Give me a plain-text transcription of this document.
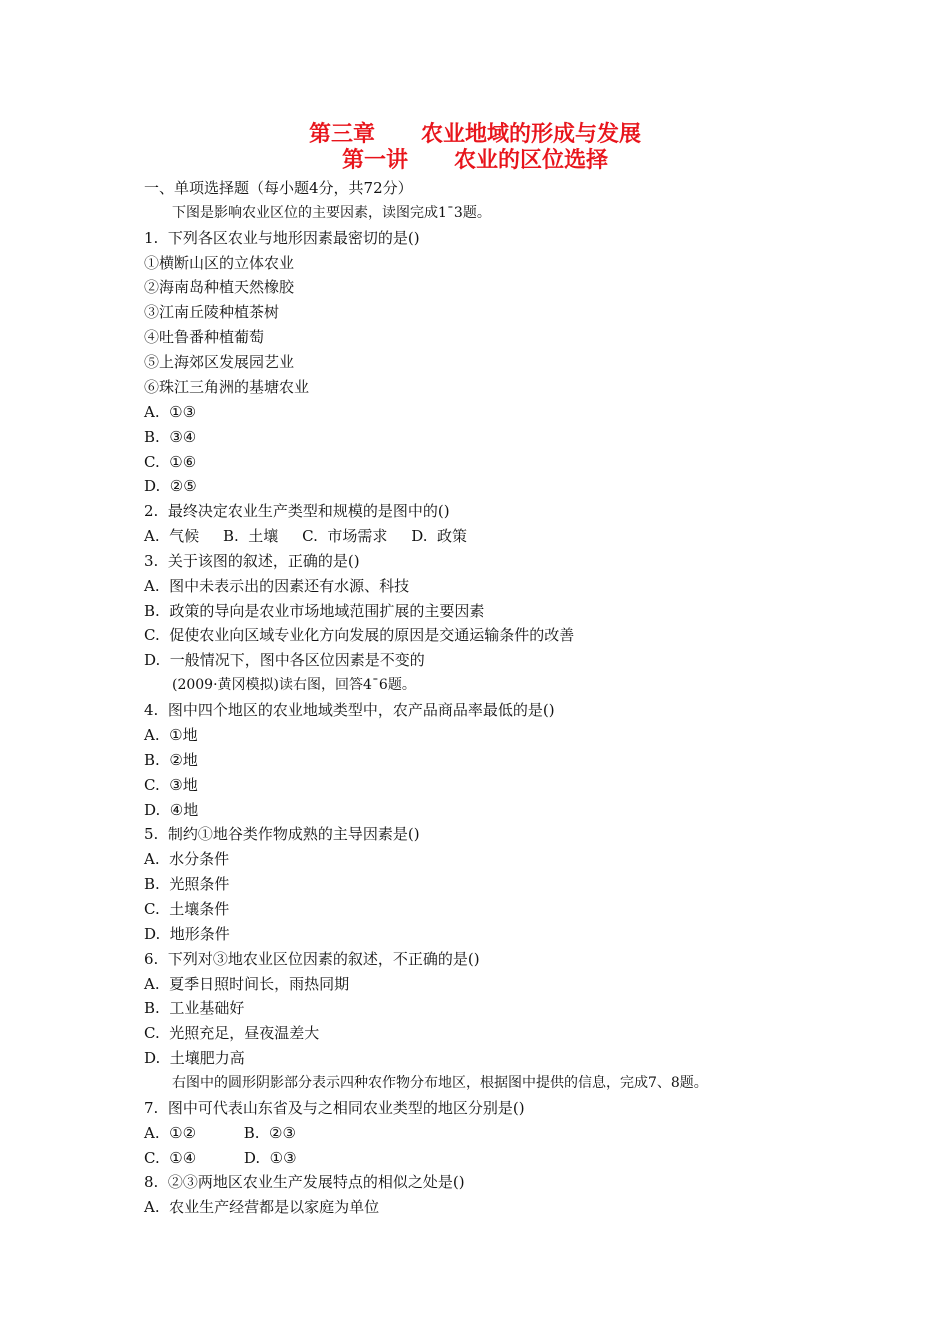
第三章      农业地域的形成与发展
第一讲      农业的区位选择
一、单项选择题（每小题4分，共72分）
下图是影响农业区位的主要因素，读图完成1¯3题。
1.  下列各区农业与地形因素最密切的是()
①横断山区的立体农业
②海南岛种植天然橡胶
③江南丘陵种植茶树
④吐鲁番种植葡萄
⑤上海郊区发展园艺业
⑥珠江三角洲的基塘农业
A.  ①③
B.  ③④
C.  ①⑥
D.  ②⑤
2.  最终决定农业生产类型和规模的是图中的()
A.  气候     B.  土壤     C.  市场需求     D.  政策
3.  关于该图的叙述，正确的是()
A.  图中未表示出的因素还有水源、科技
B.  政策的导向是农业市场地域范围扩展的主要因素
C.  促使农业向区域专业化方向发展的原因是交通运输条件的改善
D.  一般情况下，图中各区位因素是不变的
(2009·黄冈模拟)读右图，回答4¯6题。
4.  图中四个地区的农业地域类型中，农产品商品率最低的是()
A.  ①地
B.  ②地
C.  ③地
D.  ④地
5.  制约①地谷类作物成熟的主导因素是()
A.  水分条件
B.  光照条件
C.  土壤条件
D.  地形条件
6.  下列对③地农业区位因素的叙述，不正确的是()
A.  夏季日照时间长，雨热同期
B.  工业基础好
C.  光照充足，昼夜温差大
D.  土壤肥力高
右图中的圆形阴影部分表示四种农作物分布地区，根据图中提供的信息，完成7、8题。
7.  图中可代表山东省及与之相同农业类型的地区分别是()
A.  ①②          B.  ②③
C.  ①④          D.  ①③
8.  ②③两地区农业生产发展特点的相似之处是()
A.  农业生产经营都是以家庭为单位
